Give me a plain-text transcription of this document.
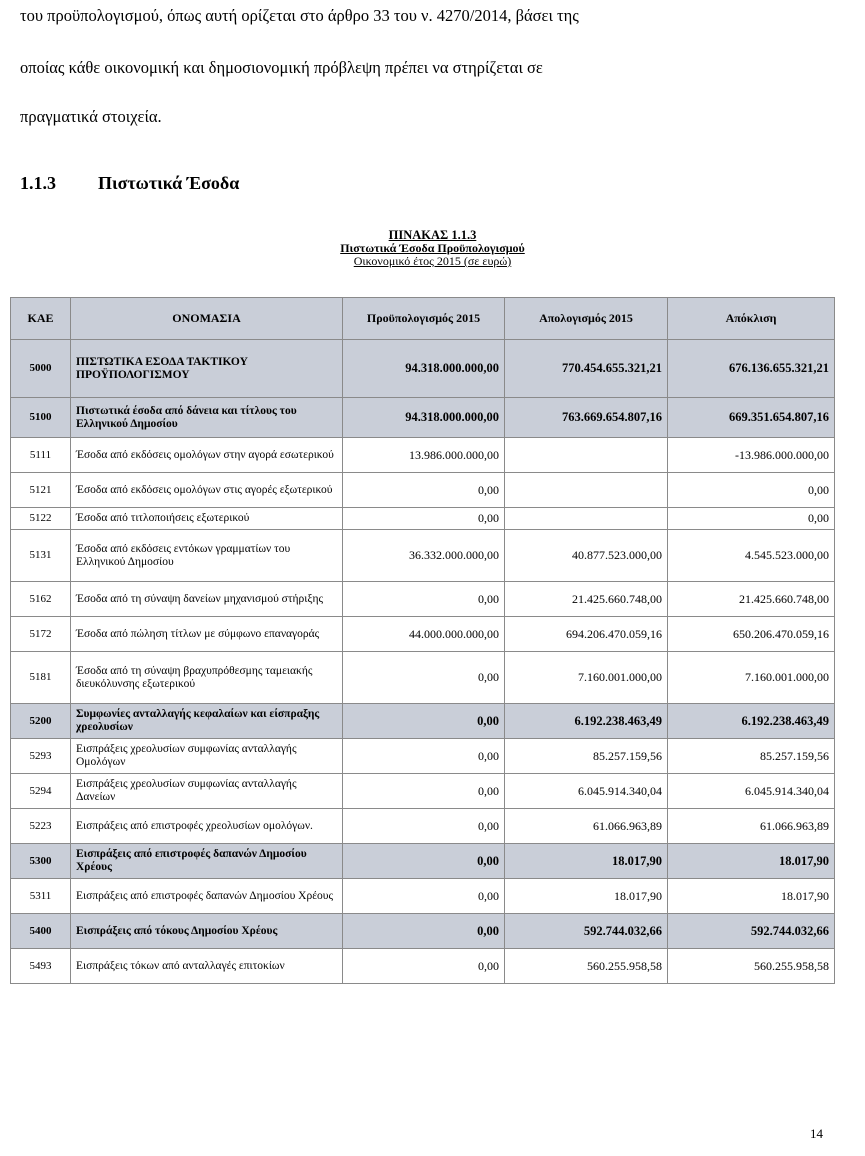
του προϋπολογισμού, όπως αυτή ορίζεται στο άρθρο 33 του ν. 4270/2014, βάσει της
οποίας κάθε οικονομική και δημοσιονομική πρόβλεψη πρέπει να στηρίζεται σε
πραγματικά στοιχεία.
1.1.3 Πιστωτικά Έσοδα
ΠΙΝΑΚΑΣ 1.1.3
Πιστωτικά Έσοδα Προϋπολογισμού
Οικονομικό έτος 2015 (σε ευρώ)
ΚΑΕ	ΟΝΟΜΑΣΙΑ	Προϋπολογισμός 2015	Απολογισμός 2015	Απόκλιση
5000	ΠΙΣΤΩΤΙΚΑ ΕΣΟΔΑ ΤΑΚΤΙΚΟΥ ΠΡΟΫΠΟΛΟΓΙΣΜΟΥ	94.318.000.000,00	770.454.655.321,21	676.136.655.321,21
5100	Πιστωτικά έσοδα από δάνεια και τίτλους του Ελληνικού Δημοσίου	94.318.000.000,00	763.669.654.807,16	669.351.654.807,16
5111	Έσοδα από εκδόσεις ομολόγων στην αγορά εσωτερικού	13.986.000.000,00		-13.986.000.000,00
5121	Έσοδα από εκδόσεις ομολόγων στις αγορές εξωτερικού	0,00		0,00
5122	Έσοδα από τιτλοποιήσεις εξωτερικού	0,00		0,00
5131	Έσοδα από εκδόσεις εντόκων γραμματίων του Ελληνικού Δημοσίου	36.332.000.000,00	40.877.523.000,00	4.545.523.000,00
5162	Έσοδα από τη σύναψη δανείων μηχανισμού στήριξης	0,00	21.425.660.748,00	21.425.660.748,00
5172	Έσοδα από πώληση τίτλων με σύμφωνο επαναγοράς	44.000.000.000,00	694.206.470.059,16	650.206.470.059,16
5181	Έσοδα από τη σύναψη βραχυπρόθεσμης ταμειακής διευκόλυνσης εξωτερικού	0,00	7.160.001.000,00	7.160.001.000,00
5200	Συμφωνίες ανταλλαγής κεφαλαίων και είσπραξης χρεολυσίων	0,00	6.192.238.463,49	6.192.238.463,49
5293	Εισπράξεις χρεολυσίων συμφωνίας ανταλλαγής Ομολόγων	0,00	85.257.159,56	85.257.159,56
5294	Εισπράξεις χρεολυσίων συμφωνίας ανταλλαγής Δανείων	0,00	6.045.914.340,04	6.045.914.340,04
5223	Εισπράξεις από επιστροφές χρεολυσίων ομολόγων.	0,00	61.066.963,89	61.066.963,89
5300	Εισπράξεις από επιστροφές δαπανών Δημοσίου Χρέους	0,00	18.017,90	18.017,90
5311	Εισπράξεις από επιστροφές δαπανών Δημοσίου Χρέους	0,00	18.017,90	18.017,90
5400	Εισπράξεις από τόκους Δημοσίου Χρέους	0,00	592.744.032,66	592.744.032,66
5493	Εισπράξεις τόκων από ανταλλαγές επιτοκίων	0,00	560.255.958,58	560.255.958,58
14
